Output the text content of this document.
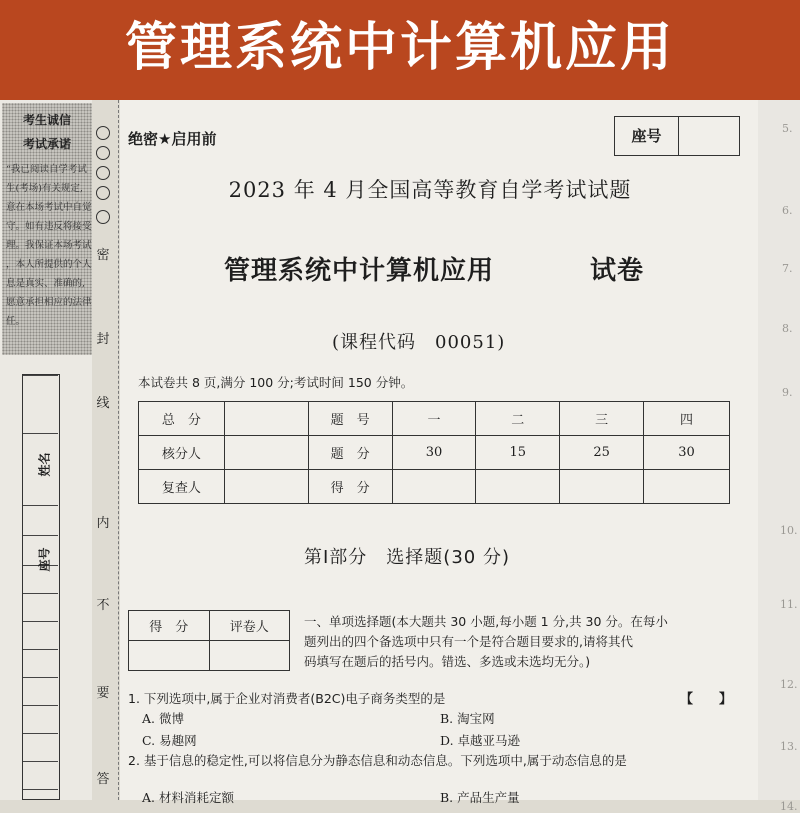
管理系统中计算机应用
考生诚信
考试承诺
“我已阅读自学考试
生(考场)有关规定,
意在本场考试中自觉
守。如有违反将接受
理。我保证本场考试
，本人所提供的个人
息是真实、准确的,
愿意承担相应的法律
任。
姓名
座号
密
封
线
内
不
要
答
5.
6.
7.
8.
9.
10.
11.
12.
13.
14.
绝密★启用前	座号
2023 年 4 月全国高等教育自学考试试题
管理系统中计算机应用	试卷
(课程代码　00051)
本试卷共 8 页,满分 100 分;考试时间 150 分钟。
总　分		题　号	一	二	三	四
核分人		题　分	30	15	25	30
复查人		得　分				
第Ⅰ部分　选择题(30 分)
得　分	评卷人
		一、单项选择题(本大题共 30 小题,每小题 1 分,共 30 分。在每小
题列出的四个备选项中只有一个是符合题目要求的,请将其代
码填写在题后的括号内。错选、多选或未选均无分。)
1. 下列选项中,属于企业对消费者(B2C)电子商务类型的是	【　　】
A. 微博	B. 淘宝网
C. 易趣网	D. 卓越亚马逊
2. 基于信息的稳定性,可以将信息分为静态信息和动态信息。下列选项中,属于动态信息的是
A. 材料消耗定额	B. 产品生产量
